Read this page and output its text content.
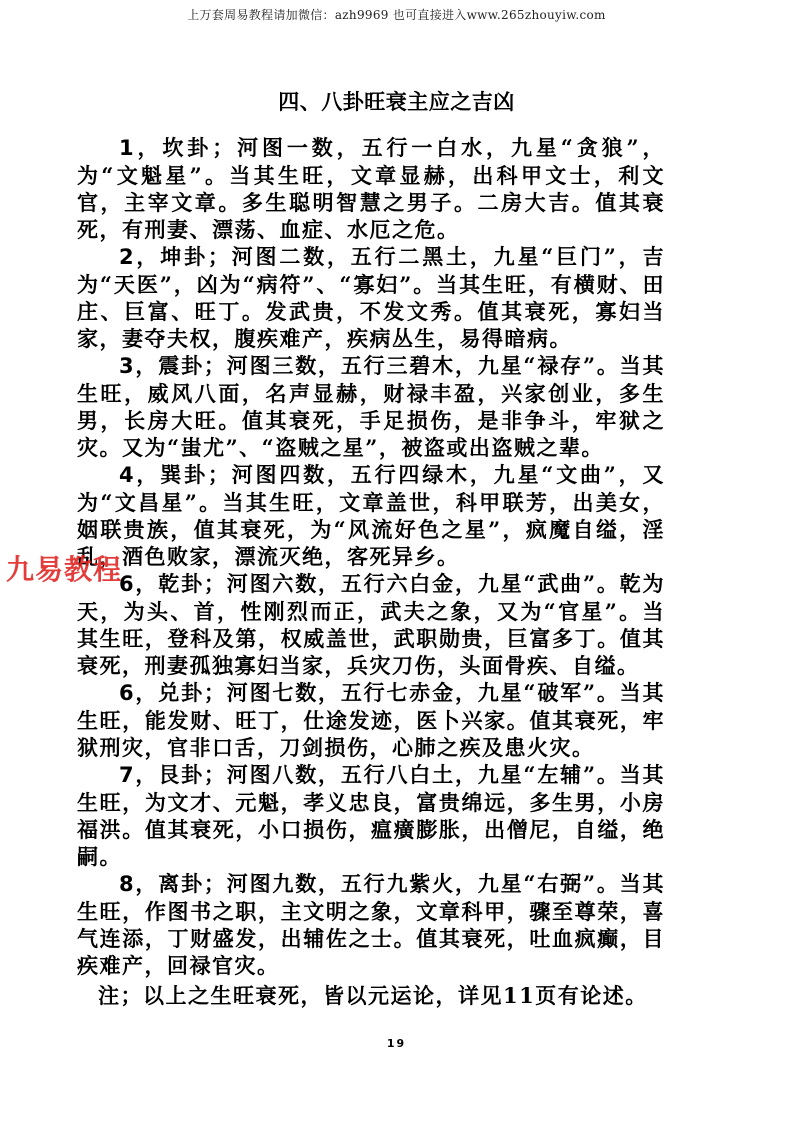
上万套周易教程请加微信：azh9969 也可直接进入www.265zhouyiw.com
四、八卦旺衰主应之吉凶

1，坎卦；河图一数，五行一白水，九星“贪狼”，为“文魁星”。当其生旺，文章显赫，出科甲文士，利文官，主宰文章。多生聪明智慧之男子。二房大吉。值其衰死，有刑妻、漂荡、血症、水厄之危。

2，坤卦；河图二数，五行二黑土，九星“巨门”，吉为“天医”，凶为“病符”、“寡妇”。当其生旺，有横财、田庄、巨富、旺丁。发武贵，不发文秀。值其衰死，寡妇当家，妻夺夫权，腹疾难产，疾病丛生，易得暗病。

3，震卦；河图三数，五行三碧木，九星“禄存”。当其生旺，威风八面，名声显赫，财禄丰盈，兴家创业，多生男，长房大旺。值其衰死，手足损伤，是非争斗，牢狱之灾。又为“蚩尤”、“盗贼之星”，被盗或出盗贼之辈。

4，巽卦；河图四数，五行四绿木，九星“文曲”，又为“文昌星”。当其生旺，文章盖世，科甲联芳，出美女，姻联贵族，值其衰死，为“风流好色之星”，疯魔自缢，淫乱，酒色败家，漂流灭绝，客死异乡。

6，乾卦；河图六数，五行六白金，九星“武曲”。乾为天，为头、首，性刚烈而正，武夫之象，又为“官星”。当其生旺，登科及第，权威盖世，武职勋贵，巨富多丁。值其衰死，刑妻孤独寡妇当家，兵灾刀伤，头面骨疾、自缢。

6，兑卦；河图七数，五行七赤金，九星“破军”。当其生旺，能发财、旺丁，仕途发迹，医卜兴家。值其衰死，牢狱刑灾，官非口舌，刀剑损伤，心肺之疾及患火灾。

7，艮卦；河图八数，五行八白土，九星“左辅”。当其生旺，为文才、元魁，孝义忠良，富贵绵远，多生男，小房福洪。值其衰死，小口损伤，瘟癀膨胀，出僧尼，自缢，绝嗣。

8，离卦；河图九数，五行九紫火，九星“右弼”。当其生旺，作图书之职，主文明之象，文章科甲，骤至尊荣，喜气连添，丁财盛发，出辅佐之士。值其衰死，吐血疯癫，目疾难产，回禄官灾。

注；以上之生旺衰死，皆以元运论，详见11页有论述。

九易教程
19
